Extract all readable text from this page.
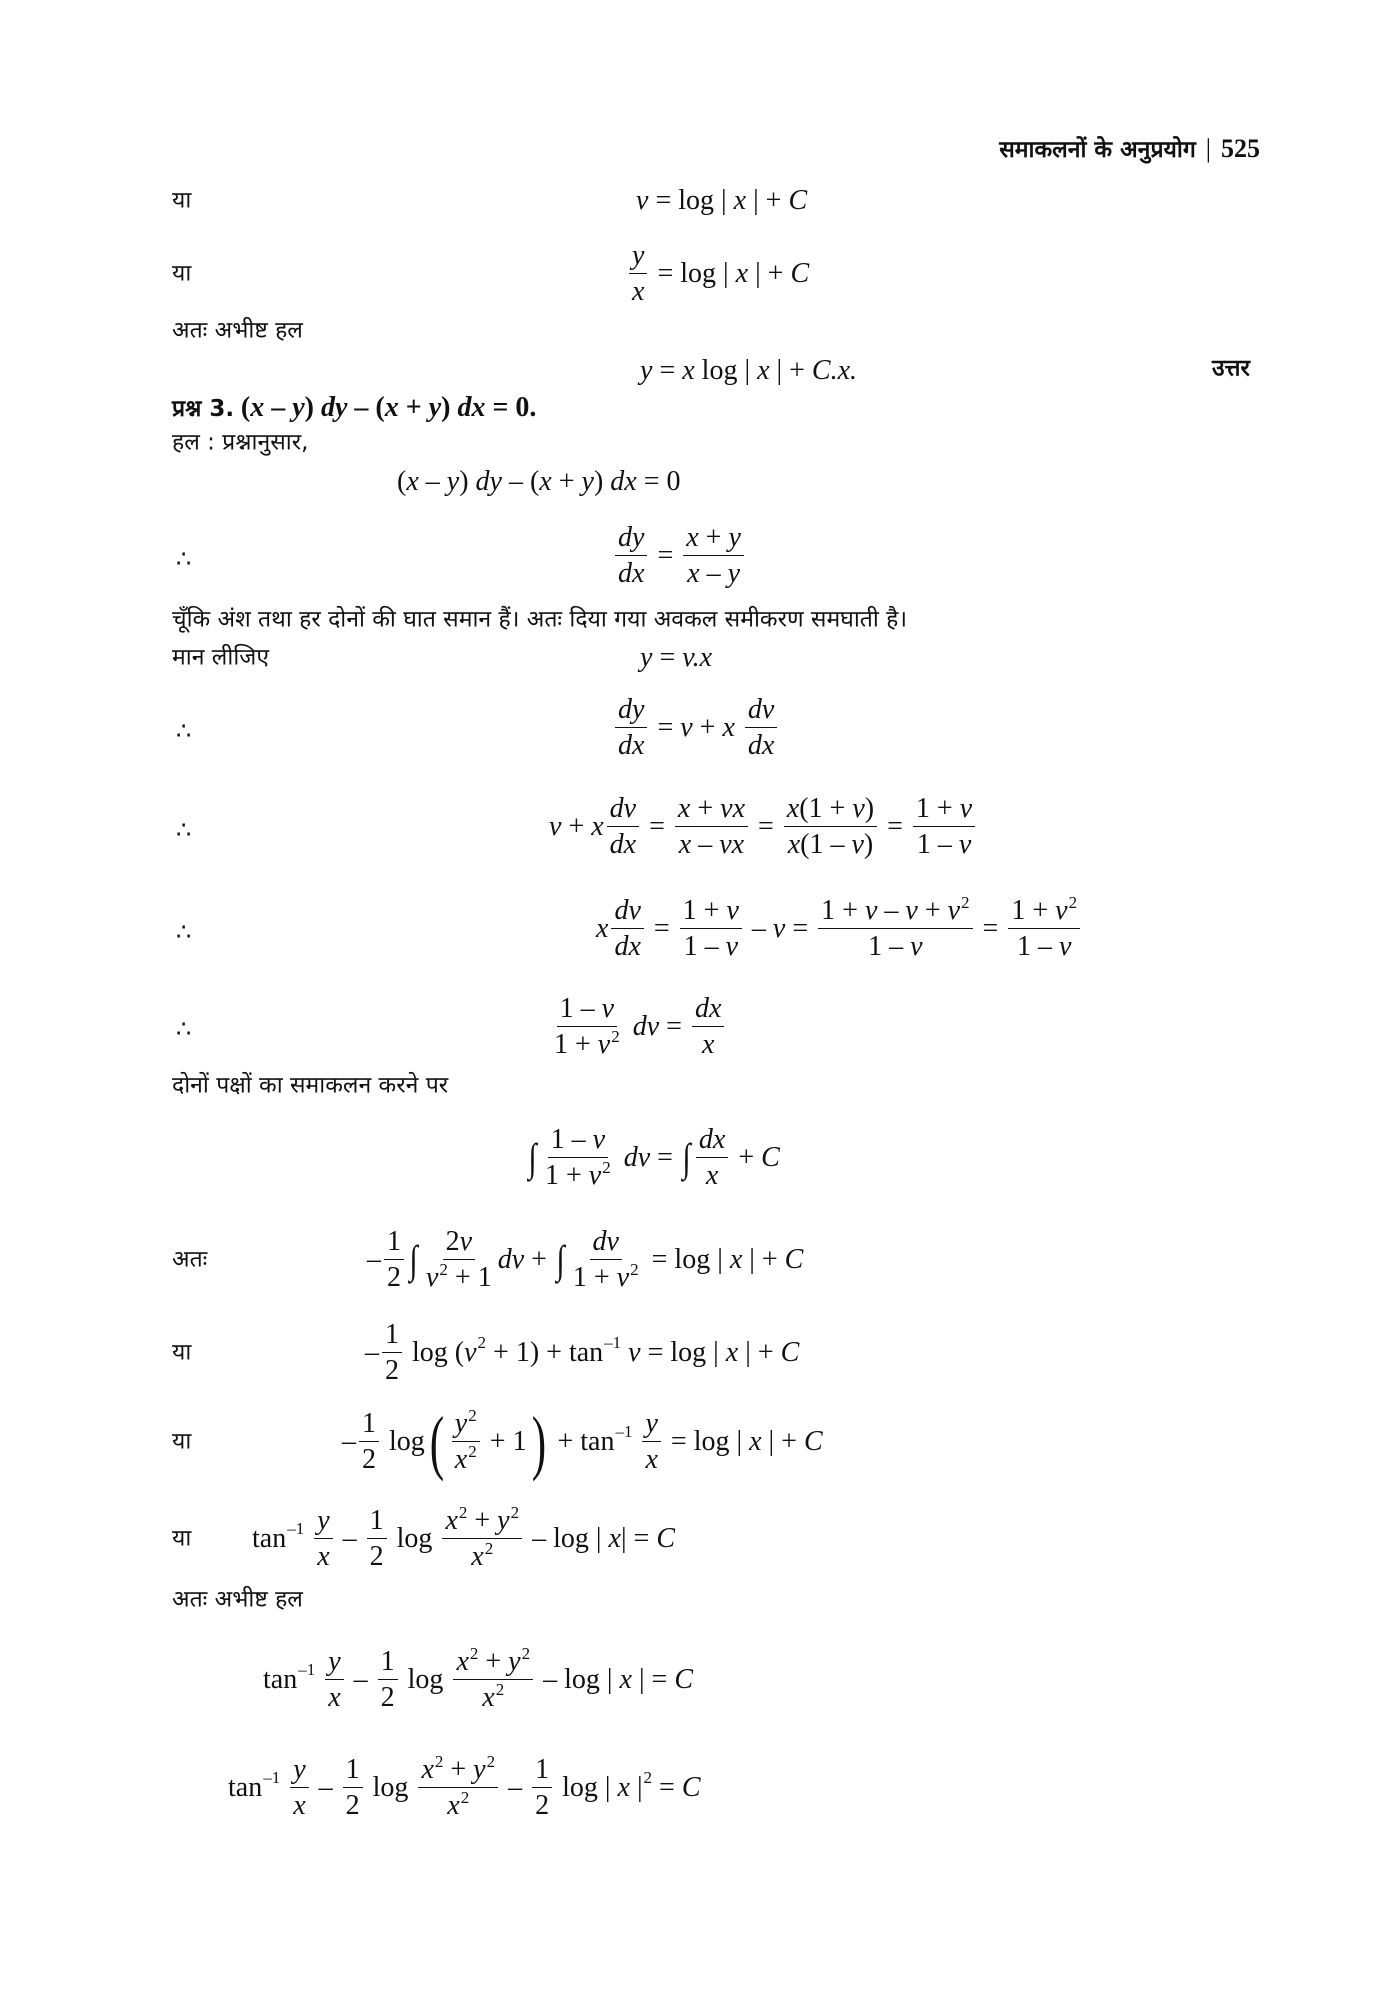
समाकलनों के अनुप्रयोग | 525
या	v = log | x | + C
या	$\frac{y}{x} = \log$ | x | + C
अतः अभीष्ट हल
y = x log | x | + C.x.	उत्तर
प्रश्न 3. ( x – y ) dy – ( x + y ) dx = 0.
हल : प्रश्नानुसार,
( x – y ) dy – ( x + y ) dx = 0
∴	$\frac{dy}{dx} = \frac{x + y}{x - y}$
चूँकि अंश तथा हर दोनों की घात समान हैं। अतः दिया गया अवकल समीकरण समघाती है।
मान लीजिए	y = v.x
∴	$\frac{dy}{dx} = v + x$
$\frac{dv}{dx}$
∴	v + x $\frac{dv}{dx} = \frac{x + vx}{x - vx} = \frac{x(1 + v)}{x(1 - v)} = \frac{1 + v}{1 - v}$
∴	x $\frac{dv}{dx} = \frac{1 + v}{1 - v} - v = \frac{1 + v - v + v^2}{1 - v} = \frac{1 + v^2}{1 - v}$
∴	$\frac{1 - v}{1 + v^2}$
dv = $\frac{dx}{x}$
दोनों पक्षों का समाकलन करने पर
∫ $\frac{1 - v}{1 + v^2}$
dv = ∫ $\frac{dx}{x} + C$
अतः	– $\frac{1}{2}$ ∫ $\frac{2v}{v^2 + 1}$ dv + ∫ $\frac{dv}{1 + v^2} = \log$ | x | + C
या	– $\frac{1}{2}$ log ( v 2 + 1) + tan –1
v = log | x | + C
या	– $\frac{1}{2}$ log ( $\frac{y^2}{x^2} + 1$ ) + tan –1
$\frac{y}{x} = \log$ | x | + C
या tan –1
$\frac{y}{x} - \frac{1}{2}$ $\log \frac{x^2 + y^2}{x^2}$ – log | x | = C
अतः अभीष्ट हल
tan –1
$\frac{y}{x} - \frac{1}{2}$ $\log \frac{x^2 + y^2}{x^2}$ – log | x | = C
tan –1
$\frac{y}{x} - \frac{1}{2}$ $\log \frac{x^2 + y^2}{x^2} - \frac{1}{2}$ log | x | 2 = C
